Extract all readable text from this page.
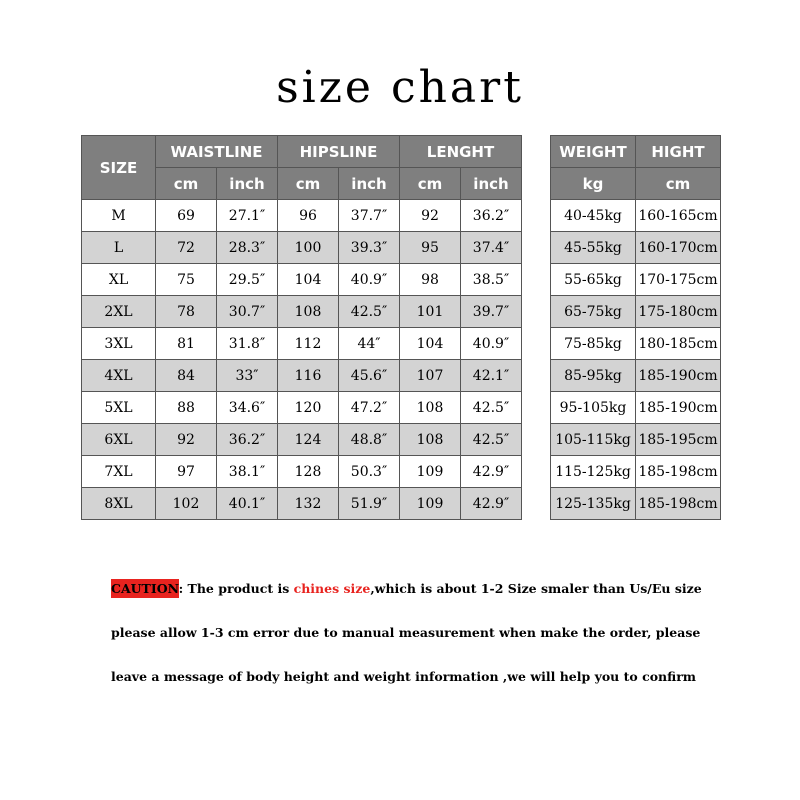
size chart
SIZE	WAISTLINE		HIPSLINE		LENGHT	
	cm	inch	cm	inch	cm	inch
M	69	27.1″	96	37.7″	92	36.2″
L	72	28.3″	100	39.3″	95	37.4″
XL	75	29.5″	104	40.9″	98	38.5″
2XL	78	30.7″	108	42.5″	101	39.7″
3XL	81	31.8″	112	44″	104	40.9″
4XL	84	33″	116	45.6″	107	42.1″
5XL	88	34.6″	120	47.2″	108	42.5″
6XL	92	36.2″	124	48.8″	108	42.5″
7XL	97	38.1″	128	50.3″	109	42.9″
8XL	102	40.1″	132	51.9″	109	42.9″
WEIGHT	HIGHT
kg	cm
40-45kg	160-165cm
45-55kg	160-170cm
55-65kg	170-175cm
65-75kg	175-180cm
75-85kg	180-185cm
85-95kg	185-190cm
95-105kg	185-190cm
105-115kg	185-195cm
115-125kg	185-198cm
125-135kg	185-198cm
CAUTION: The product is chines size,which is about 1-2 Size smaler than Us/Eu size
please allow 1-3 cm error due to manual measurement when make the order, please
leave a message of body height and weight information ,we will help you to confirm
